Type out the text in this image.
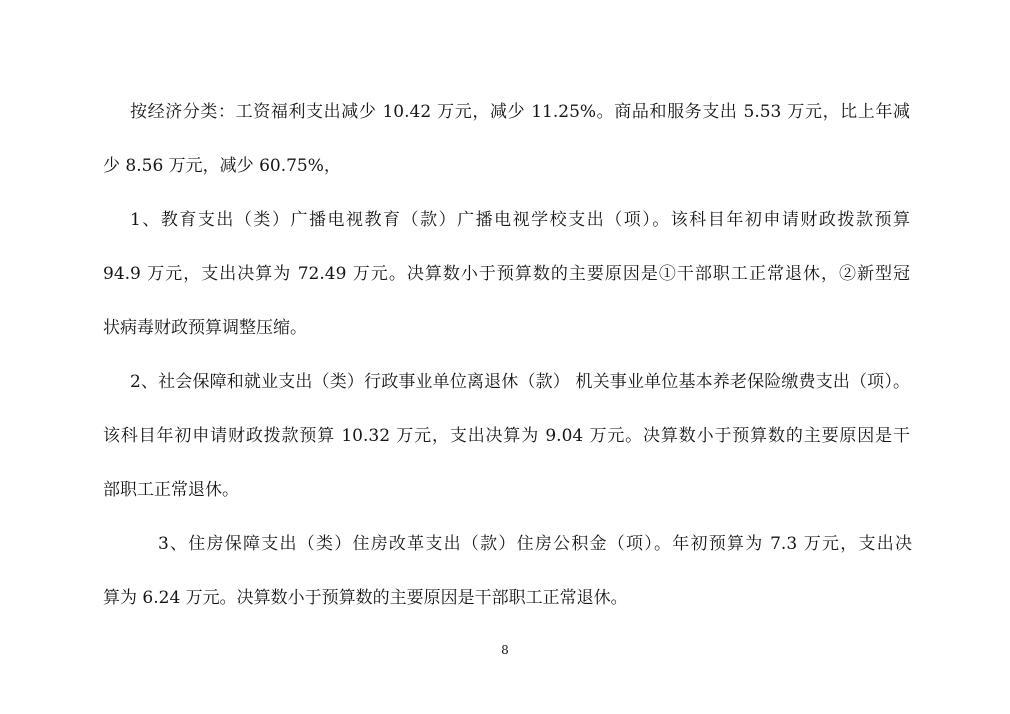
按经济分类：工资福利支出减少 10.42 万元，减少 11.25%。商品和服务支出 5.53 万元，比上年减
少 8.56 万元，减少 60.75%，
1、教育支出（类）广播电视教育（款）广播电视学校支出（项）。该科目年初申请财政拨款预算
94.9 万元，支出决算为 72.49 万元。决算数小于预算数的主要原因是①干部职工正常退休，②新型冠
状病毒财政预算调整压缩。
2、社会保障和就业支出（类）行政事业单位离退休（款） 机关事业单位基本养老保险缴费支出（项）。
该科目年初申请财政拨款预算 10.32 万元，支出决算为 9.04 万元。决算数小于预算数的主要原因是干
部职工正常退休。
3、住房保障支出（类）住房改革支出（款）住房公积金（项）。年初预算为 7.3 万元，支出决
算为 6.24 万元。决算数小于预算数的主要原因是干部职工正常退休。
8
